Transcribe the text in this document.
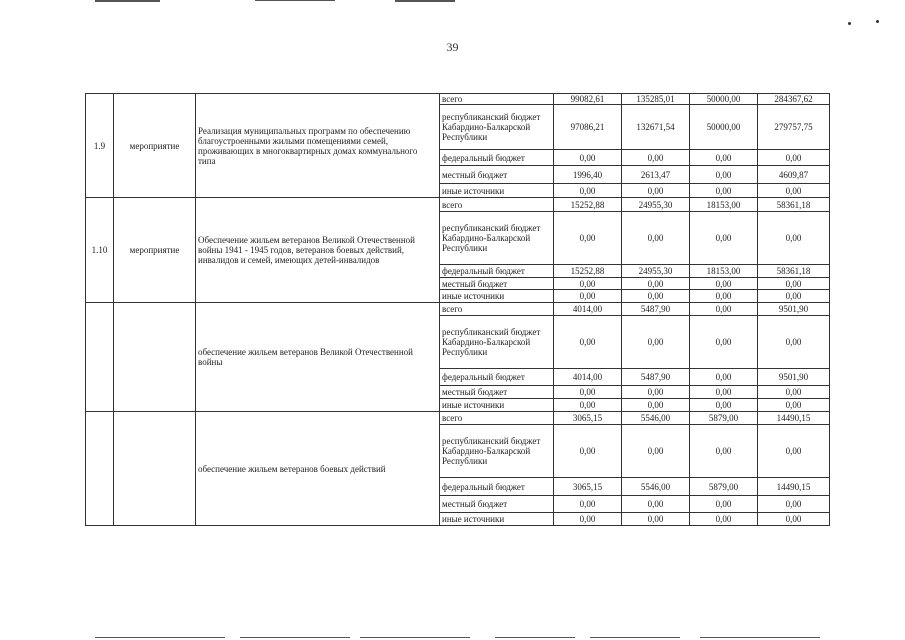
39
1.9	мероприятие	Реализация муниципальных программ по обеспечению благоустроенными жилыми помещениями семей, проживающих в многоквартирных домах коммунального типа	всего	99082,61	135285,01	50000,00	284367,62
			республиканский бюджет Кабардино-Балкарской Республики	97086,21	132671,54	50000,00	279757,75
			федеральный бюджет	0,00	0,00	0,00	0,00
			местный бюджет	1996,40	2613,47	0,00	4609,87
			иные источники	0,00	0,00	0,00	0,00
1.10	мероприятие	Обеспечение жильем ветеранов Великой Отечественной войны 1941 - 1945 годов, ветеранов боевых действий, инвалидов и семей, имеющих детей-инвалидов	всего	15252,88	24955,30	18153,00	58361,18
			республиканский бюджет Кабардино-Балкарской Республики	0,00	0,00	0,00	0,00
			федеральный бюджет	15252,88	24955,30	18153,00	58361,18
			местный бюджет	0,00	0,00	0,00	0,00
			иные источники	0,00	0,00	0,00	0,00
		обеспечение жильем ветеранов Великой Отечественной войны	всего	4014,00	5487,90	0,00	9501,90
			республиканский бюджет Кабардино-Балкарской Республики	0,00	0,00	0,00	0,00
			федеральный бюджет	4014,00	5487,90	0,00	9501,90
			местный бюджет	0,00	0,00	0,00	0,00
			иные источники	0,00	0,00	0,00	0,00
		обеспечение жильем ветеранов боевых действий	всего	3065,15	5546,00	5879,00	14490,15
			республиканский бюджет Кабардино-Балкарской Республики	0,00	0,00	0,00	0,00
			федеральный бюджет	3065,15	5546,00	5879,00	14490,15
			местный бюджет	0,00	0,00	0,00	0,00
			иные источники	0,00	0,00	0,00	0,00
